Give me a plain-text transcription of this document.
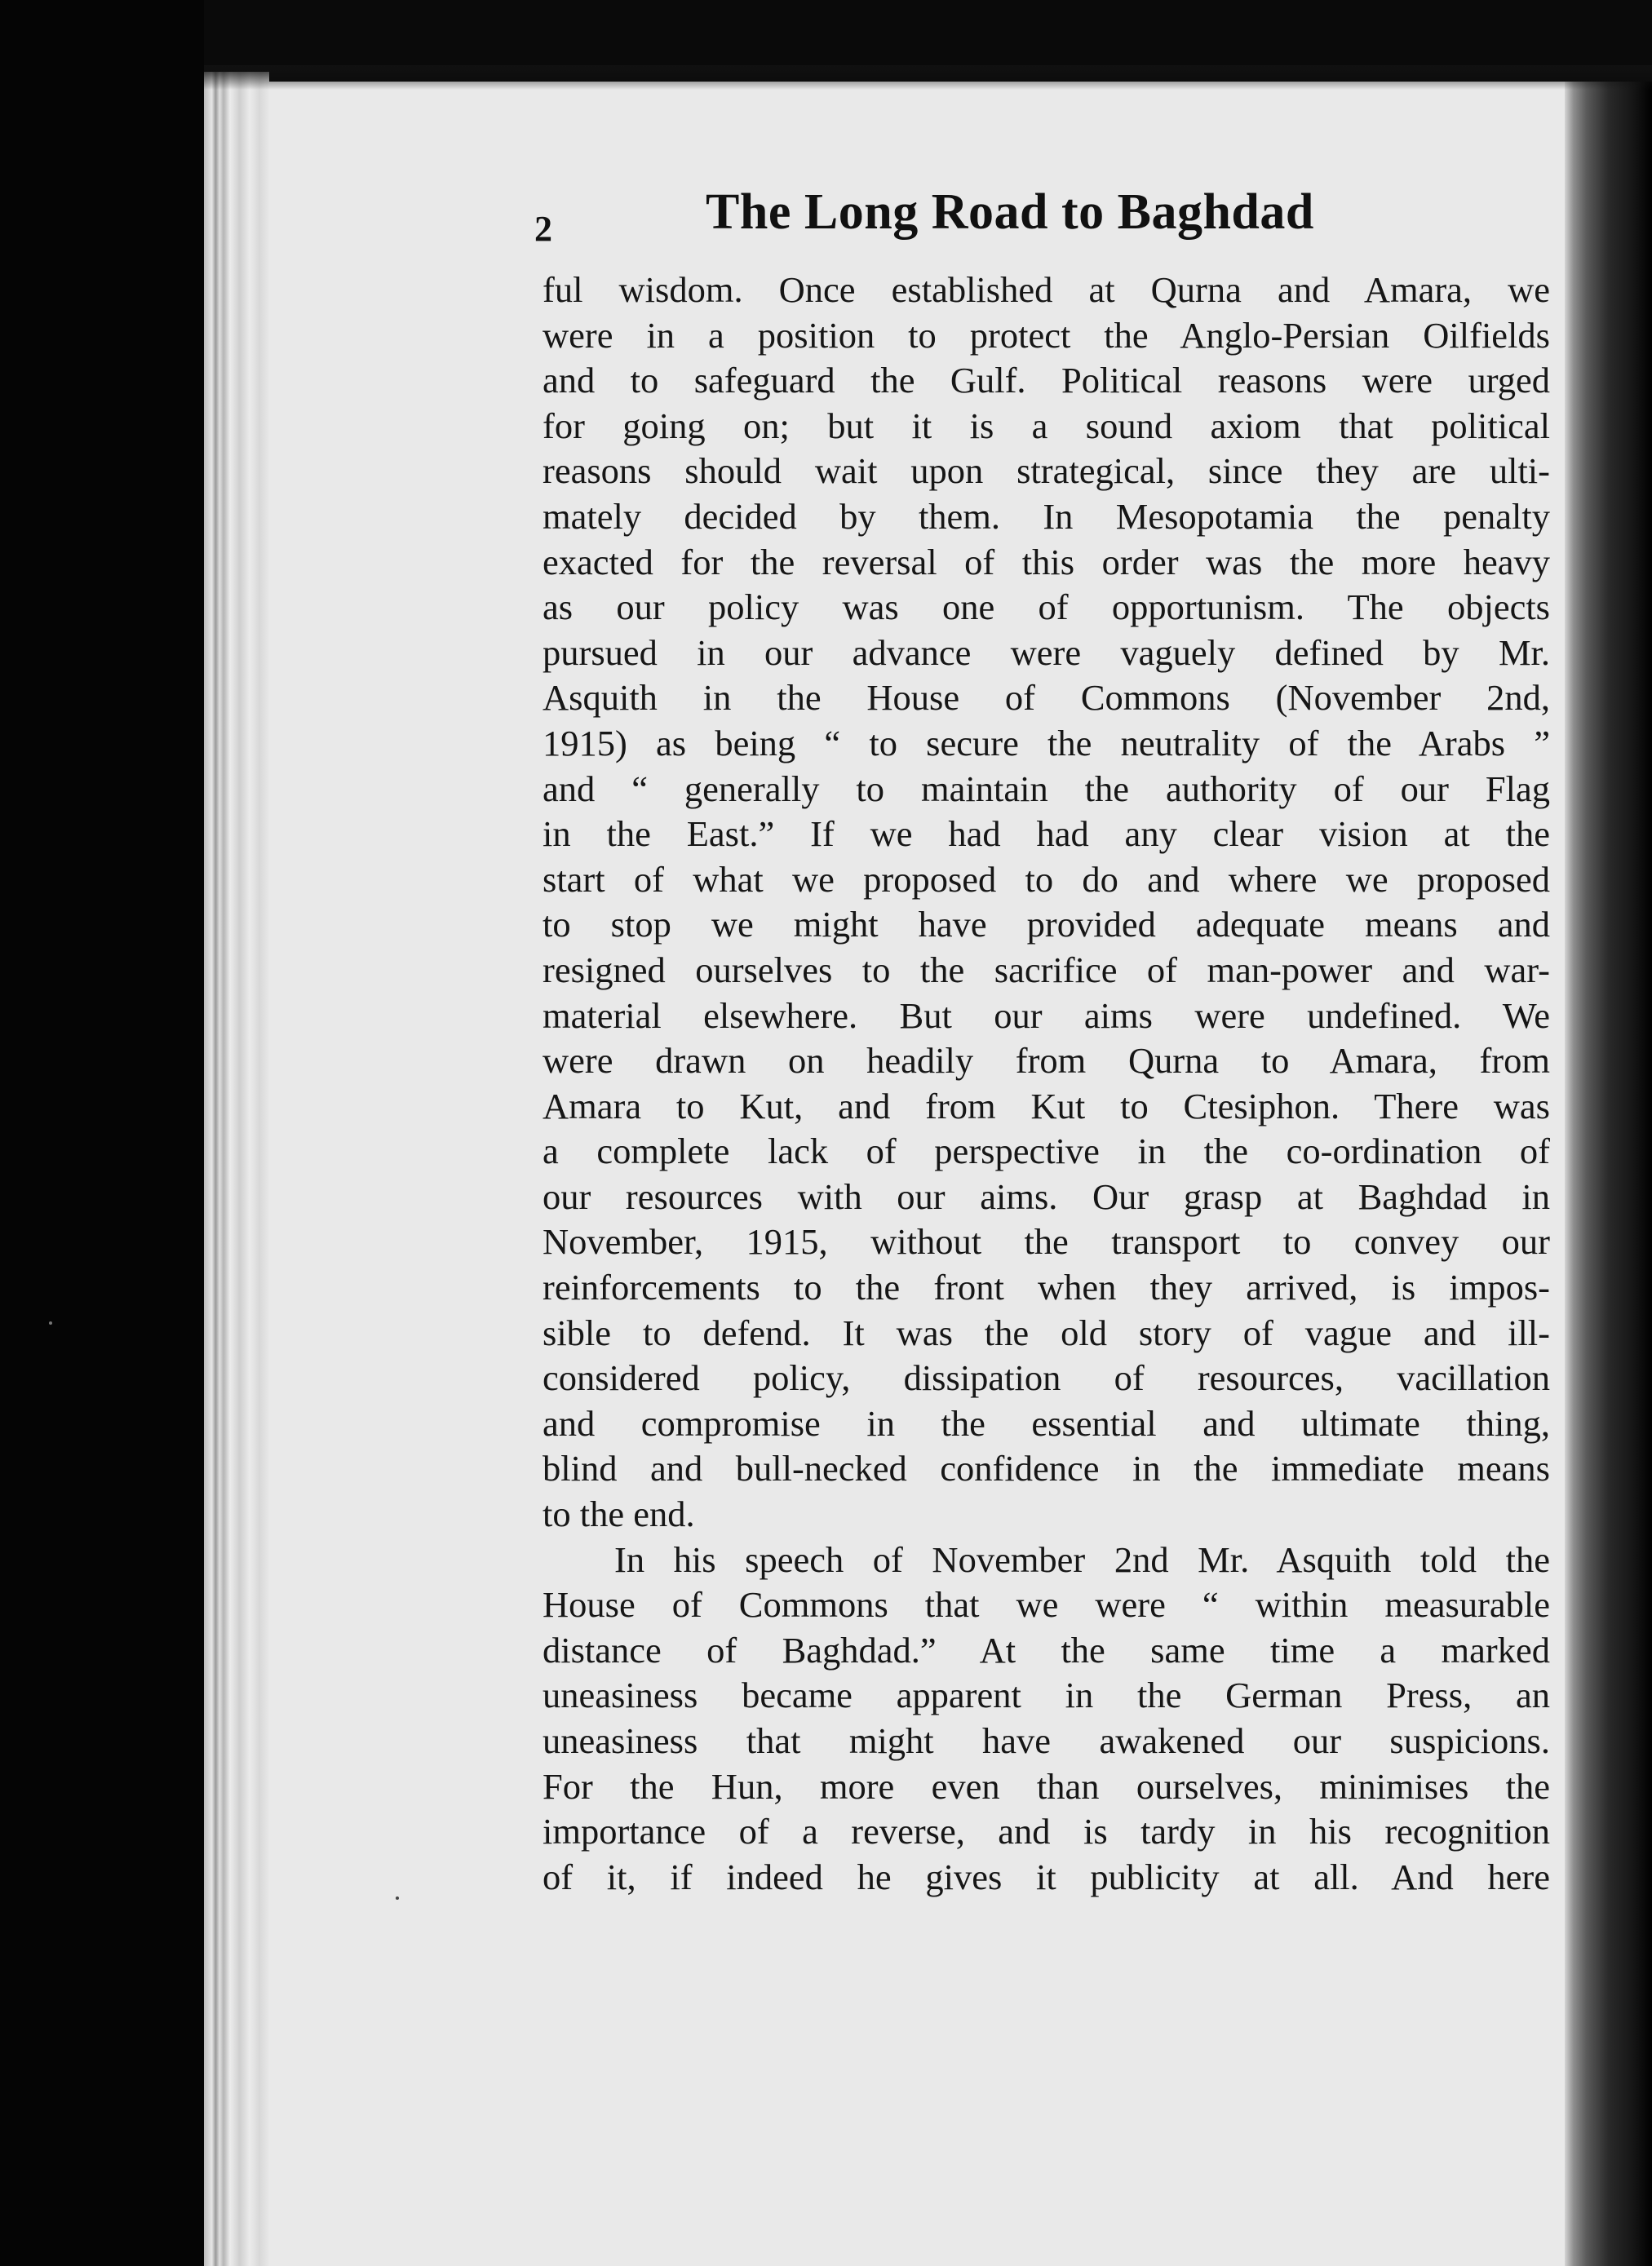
2	The Long Road to Baghdad
ful wisdom. Once established at Qurna and Amara, we
were in a position to protect the Anglo-Persian Oilfields
and to safeguard the Gulf. Political reasons were urged
for going on; but it is a sound axiom that political
reasons should wait upon strategical, since they are ulti-
mately decided by them. In Mesopotamia the penalty
exacted for the reversal of this order was the more heavy
as our policy was one of opportunism. The objects
pursued in our advance were vaguely defined by Mr.
Asquith in the House of Commons (November 2nd,
1915) as being “ to secure the neutrality of the Arabs ”
and “ generally to maintain the authority of our Flag
in the East.” If we had had any clear vision at the
start of what we proposed to do and where we proposed
to stop we might have provided adequate means and
resigned ourselves to the sacrifice of man-power and war-
material elsewhere. But our aims were undefined. We
were drawn on headily from Qurna to Amara, from
Amara to Kut, and from Kut to Ctesiphon. There was
a complete lack of perspective in the co-ordination of
our resources with our aims. Our grasp at Baghdad in
November, 1915, without the transport to convey our
reinforcements to the front when they arrived, is impos-
sible to defend. It was the old story of vague and ill-
considered policy, dissipation of resources, vacillation
and compromise in the essential and ultimate thing,
blind and bull-necked confidence in the immediate means
to the end.
In his speech of November 2nd Mr. Asquith told the
House of Commons that we were “ within measurable
distance of Baghdad.” At the same time a marked
uneasiness became apparent in the German Press, an
uneasiness that might have awakened our suspicions.
For the Hun, more even than ourselves, minimises the
importance of a reverse, and is tardy in his recognition
of it, if indeed he gives it publicity at all. And here
